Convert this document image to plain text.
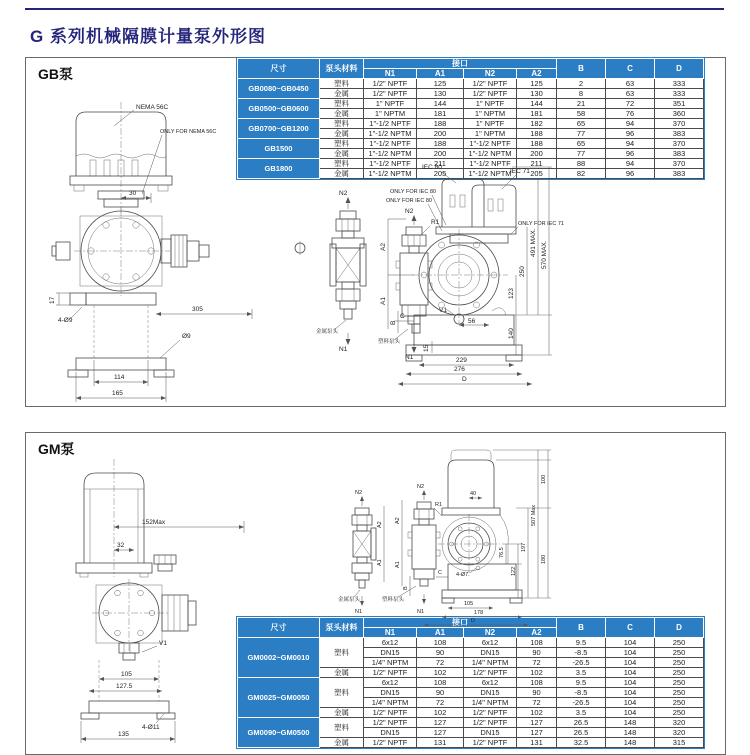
G 系列机械隔膜计量泵外形图
GB泵	尺寸	泵头材料	接口				B	C	D
		N1	A1	N2	A2			
GB0080~GB0450	塑料	1/2" NPTF	125	1/2" NPTF	125	2	63	333
	金属	1/2" NPTF	130	1/2" NPTF	130	8	63	333
GB0500~GB0600	塑料	1" NPTF	144	1" NPTF	144	21	72	351
	金属	1" NPTM	181	1" NPTM	181	58	76	360
GB0700~GB1200	塑料	1"-1/2 NPTF	188	1" NPTF	182	65	94	370
	金属	1"-1/2 NPTM	200	1" NPTM	188	77	96	383
GB1500	塑料	1"-1/2 NPTF	188	1"-1/2 NPTF	188	65	94	370
	金属	1"-1/2 NPTM	200	1"-1/2 NPTM	200	77	96	383
GB1800	塑料	1"-1/2 NPTF	211	1"-1/2 NPTF	211	88	94	370
	金属	1"-1/2 NPTM	205	1"-1/2 NPTM	205	82	96	383
NEMA 56C
ONLY FOR NEMA 56C
30
17
4-Ø9
305
Ø9
114
165
N2
金属泵头
N1
N2
R1
塑料泵头
N1
A2
A1
B
IEC 80
IEC 71
ONLY FOR IEC 80
ONLY FOR IEC 80
ONLY FOR IEC 71
V1
56
C
15
229
276
D
123
250
491 MAX. 570 MAX.
140
GM泵
尺寸	泵头材料	接口				B	C	D
		N1	A1	N2	A2			
GM0002~GM0010	塑料	6x12	108	6x12	108	9.5	104	250
		DN15	90	DN15	90	-8.5	104	250
		1/4" NPTM	72	1/4" NPTM	72	-26.5	104	250
	金属	1/2" NPTF	102	1/2" NPTF	102	3.5	104	250
GM0025~GM0050	塑料	6x12	108	6x12	108	9.5	104	250
		DN15	90	DN15	90	-8.5	104	250
		1/4" NPTM	72	1/4" NPTM	72	-26.5	104	250
	金属	1/2" NPTF	102	1/2" NPTF	102	3.5	104	250
GM0090~GM0500	塑料	1/2" NPTF	127	1/2" NPTF	127	26.5	148	320
		DN15	127	DN15	127	26.5	148	320
	金属	1/2" NPTF	131	1/2" NPTF	131	32.5	148	315
152Max
32
V1
105
127.5
4-Ø11
135
N2
A2
A1
金属泵头
N1
N2
R1
A2
A1
B
塑料泵头
N1
40
4-Ø7
C
76.5
122
197
507 Max
100
180
105
178
D
